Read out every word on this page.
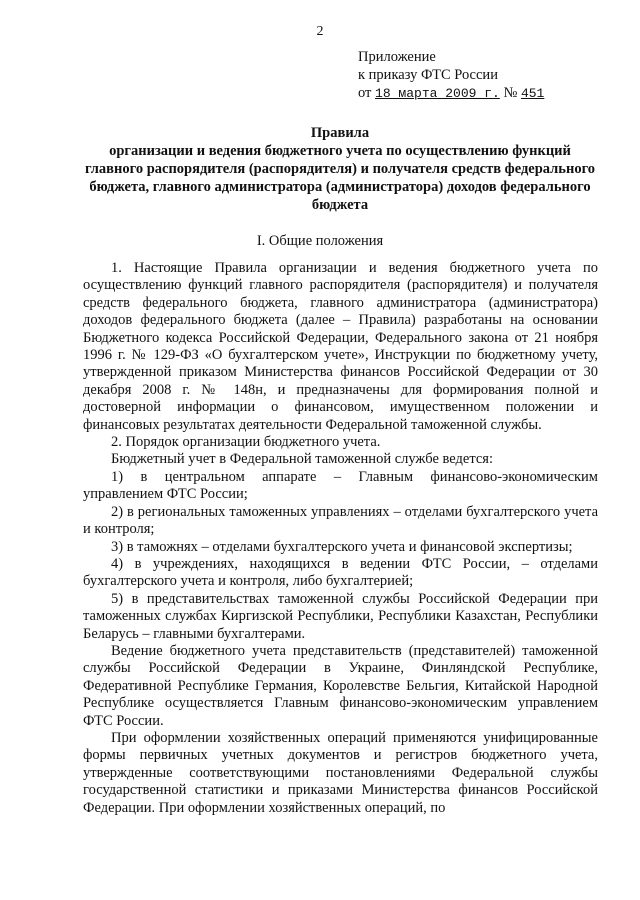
2
Приложение
к приказу ФТС России
от 18 марта 2009 г. № 451
Правила
организации и ведения бюджетного учета по осуществлению функций главного распорядителя (распорядителя) и получателя средств федерального бюджета, главного администратора (администратора) доходов федерального бюджета
I. Общие положения

1. Настоящие Правила организации и ведения бюджетного учета по осуществлению функций главного распорядителя (распорядителя) и получателя средств федерального бюджета, главного администратора (администратора) доходов федерального бюджета (далее – Правила) разработаны на основании Бюджетного кодекса Российской Федерации, Федерального закона от 21 ноября 1996 г. № 129-ФЗ «О бухгалтерском учете», Инструкции по бюджетному учету, утвержденной приказом Министерства финансов Российской Федерации от 30 декабря 2008 г. № 148н, и предназначены для формирования полной и достоверной информации о финансовом, имущественном положении и финансовых результатах деятельности Федеральной таможенной службы.

2. Порядок организации бюджетного учета.

Бюджетный учет в Федеральной таможенной службе ведется:

1) в центральном аппарате – Главным финансово-экономическим управлением ФТС России;

2) в региональных таможенных управлениях – отделами бухгалтерского учета и контроля;

3) в таможнях – отделами бухгалтерского учета и финансовой экспертизы;

4) в учреждениях, находящихся в ведении ФТС России, – отделами бухгалтерского учета и контроля, либо бухгалтерией;

5) в представительствах таможенной службы Российской Федерации при таможенных службах Киргизской Республики, Республики Казахстан, Республики Беларусь – главными бухгалтерами.

Ведение бюджетного учета представительств (представителей) таможенной службы Российской Федерации в Украине, Финляндской Республике, Федеративной Республике Германия, Королевстве Бельгия, Китайской Народной Республике осуществляется Главным финансово-экономическим управлением ФТС России.

При оформлении хозяйственных операций применяются унифицированные формы первичных учетных документов и регистров бюджетного учета, утвержденные соответствующими постановлениями Федеральной службы государственной статистики и приказами Министерства финансов Российской Федерации. При оформлении хозяйственных операций, по
